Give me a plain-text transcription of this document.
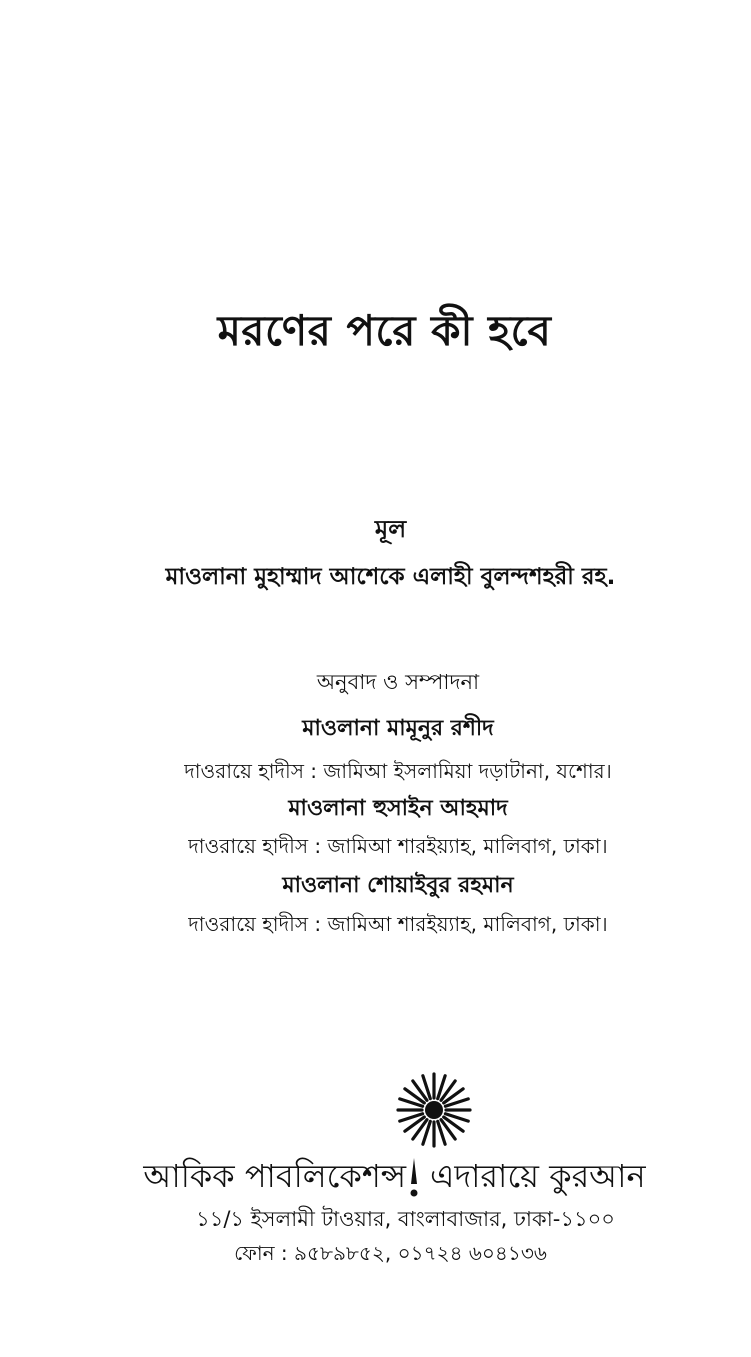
মরণের পরে কী হবে
মূল
মাওলানা মুহাম্মাদ আশেকে এলাহী বুলন্দশহরী রহ.
অনুবাদ ও সম্পাদনা
মাওলানা মামূনুর রশীদ
দাওরায়ে হাদীস : জামিআ ইসলামিয়া দড়াটানা, যশোর।
মাওলানা হুসাইন আহমাদ
দাওরায়ে হাদীস : জামিআ শারইয়্যাহ, মালিবাগ, ঢাকা।
মাওলানা শোয়াইবুর রহমান
দাওরায়ে হাদীস : জামিআ শারইয়্যাহ, মালিবাগ, ঢাকা।
আকিক পাবলিকেশন্স এদারায়ে কুরআন
১১/১ ইসলামী টাওয়ার, বাংলাবাজার, ঢাকা-১১০০
ফোন : ৯৫৮৯৮৫২, ০১৭২৪ ৬০৪১৩৬
